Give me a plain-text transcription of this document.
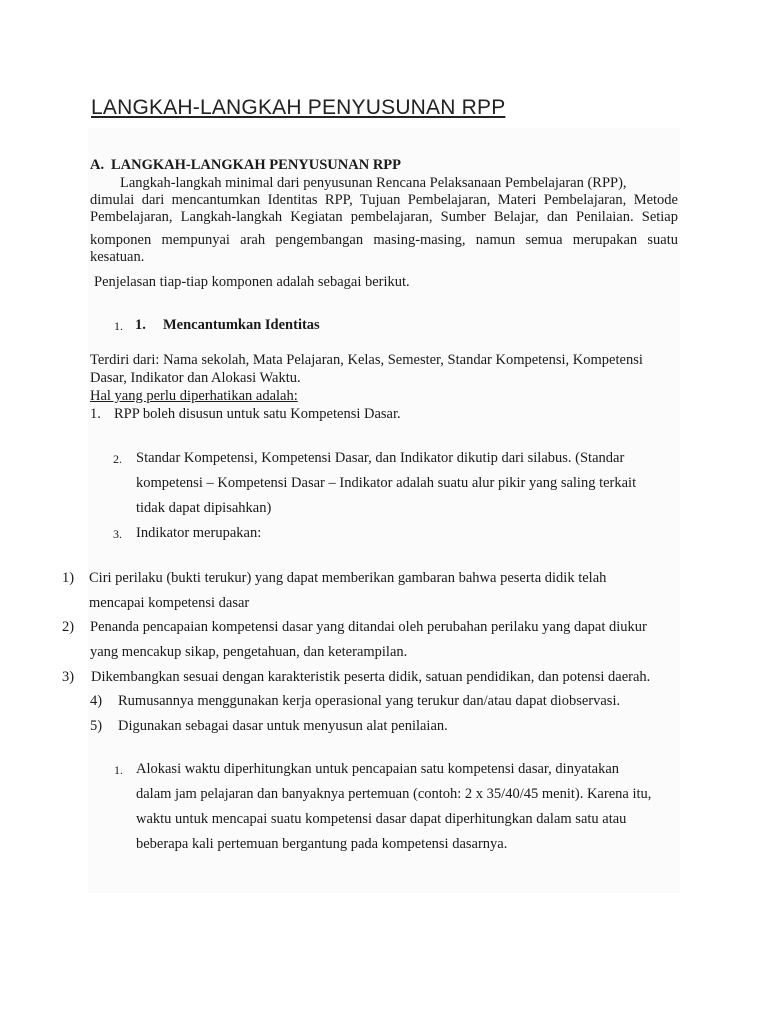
LANGKAH-LANGKAH PENYUSUNAN RPP
A. LANGKAH-LANGKAH PENYUSUNAN RPP
Langkah-langkah minimal dari penyusunan Rencana Pelaksanaan Pembelajaran (RPP),
dimulai dari mencantumkan Identitas RPP, Tujuan Pembelajaran, Materi Pembelajaran, Metode
Pembelajaran, Langkah-langkah Kegiatan pembelajaran, Sumber Belajar, dan Penilaian. Setiap
komponen mempunyai arah pengembangan masing-masing, namun semua merupakan suatu
kesatuan.
Penjelasan tiap-tiap komponen adalah sebagai berikut.
1. 1. Mencantumkan Identitas
Terdiri dari: Nama sekolah, Mata Pelajaran, Kelas, Semester, Standar Kompetensi, Kompetensi
Dasar, Indikator dan Alokasi Waktu.
Hal yang perlu diperhatikan adalah:
1. RPP boleh disusun untuk satu Kompetensi Dasar.
2. Standar Kompetensi, Kompetensi Dasar, dan Indikator dikutip dari silabus. (Standar
kompetensi – Kompetensi Dasar – Indikator adalah suatu alur pikir yang saling terkait
tidak dapat dipisahkan)
3. Indikator merupakan:
1) Ciri perilaku (bukti terukur) yang dapat memberikan gambaran bahwa peserta didik telah
mencapai kompetensi dasar
2) Penanda pencapaian kompetensi dasar yang ditandai oleh perubahan perilaku yang dapat diukur
yang mencakup sikap, pengetahuan, dan keterampilan.
3) Dikembangkan sesuai dengan karakteristik peserta didik, satuan pendidikan, dan potensi daerah.
4) Rumusannya menggunakan kerja operasional yang terukur dan/atau dapat diobservasi.
5) Digunakan sebagai dasar untuk menyusun alat penilaian.
1. Alokasi waktu diperhitungkan untuk pencapaian satu kompetensi dasar, dinyatakan
dalam jam pelajaran dan banyaknya pertemuan (contoh: 2 x 35/40/45 menit). Karena itu,
waktu untuk mencapai suatu kompetensi dasar dapat diperhitungkan dalam satu atau
beberapa kali pertemuan bergantung pada kompetensi dasarnya.
